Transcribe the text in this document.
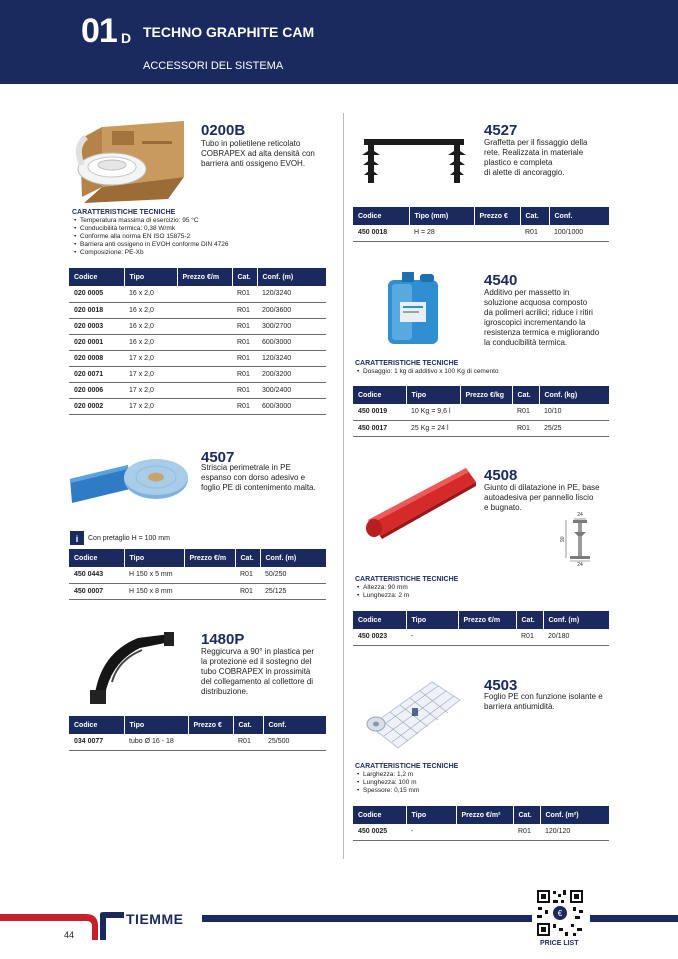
01 D TECHNO GRAPHITE CAM
ACCESSORI DEL SISTEMA
0200B
Tubo in polietilene reticolato
COBRAPEX ad alta densità con
barriera anti ossigeno EVOH.
CARATTERISTICHE TECNICHE
• Temperatura massima di esercizio: 95 °C
• Conducibilità termica: 0,38 W/mk
• Conforme alla norma EN ISO 15875-2
• Barriera anti ossigeno in EVOH conforme DIN 4726
• Composizione: PE-Xb
Codice	Tipo	Prezzo €/m	Cat.	Conf. (m)
020 0005	16 x 2,0		R01	120/3240
020 0018	16 x 2,0		R01	200/3600
020 0003	16 x 2,0		R01	300/2700
020 0001	16 x 2,0		R01	600/3000
020 0008	17 x 2,0		R01	120/3240
020 0071	17 x 2,0		R01	200/3200
020 0006	17 x 2,0		R01	300/2400
020 0002	17 x 2,0		R01	600/3000
4507
Striscia perimetrale in PE
espanso con dorso adesivo e
foglio PE di contenimento malta.
i	Con pretaglio H = 100 mm
Codice	Tipo	Prezzo €/m	Cat.	Conf. (m)
450 0443	H 150 x 5 mm		R01	50/250
450 0007	H 150 x 8 mm		R01	25/125
1480P
Reggicurva a 90° in plastica per
la protezione ed il sostegno del
tubo COBRAPEX in prossimità
del collegamento al collettore di
distribuzione.
Codice	Tipo	Prezzo €	Cat.	Conf.
034 0077	tubo Ø 16 - 18		R01	25/500
4527
Graffetta per il fissaggio della
rete. Realizzata in materiale
plastico e completa
di alette di ancoraggio.
Codice	Tipo (mm)	Prezzo €	Cat.	Conf.
450 0018	H = 28		R01	100/1000
4540
Additivo per massetto in
soluzione acquosa composto
da polimeri acrilici; riduce i ritiri
igroscopici incrementando la
resistenza termica e migliorando
la conducibilità termica.
CARATTERISTICHE TECNICHE
• Dosaggio: 1 kg di additivo x 100 Kg di cemento
Codice	Tipo	Prezzo €/kg	Cat.	Conf. (kg)
450 0019	10 Kg = 9,6 l		R01	10/10
450 0017	25 Kg = 24 l		R01	25/25
4508
Giunto di dilatazione in PE, base
autoadesiva per pannello liscio
e bugnato.
24
90
24
CARATTERISTICHE TECNICHE
• Altezza: 90 mm
• Lunghezza: 2 m
Codice	Tipo	Prezzo €/m	Cat.	Conf. (m)
450 0023	-		R01	20/180
4503
Foglio PE con funzione isolante e
barriera antiumidità.
CARATTERISTICHE TECNICHE
• Larghezza: 1,2 m
• Lunghezza: 100 m
• Spessore: 0,15 mm
Codice	Tipo	Prezzo €/m²	Cat.	Conf. (m²)
450 0025	-		R01	120/120
TIEMME
44
€
PRICE LIST
